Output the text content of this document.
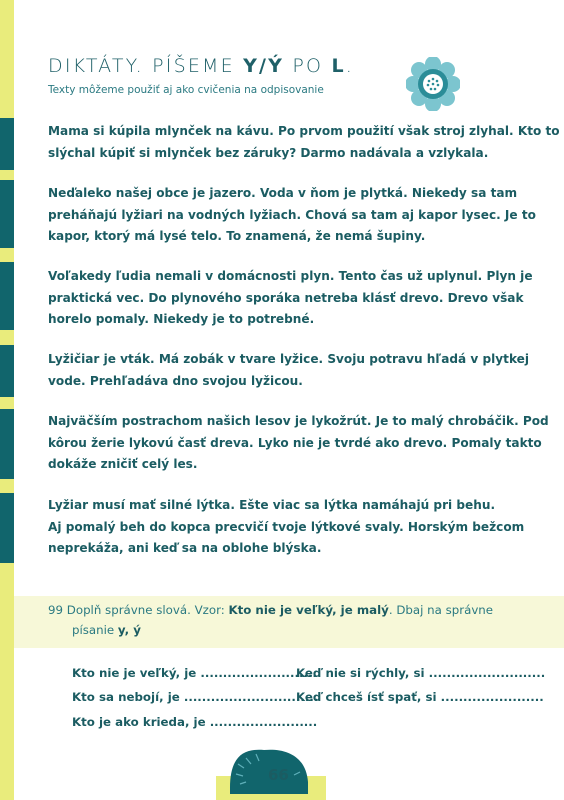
DIKTÁTY. PÍŠEME Y/Ý PO L.
Texty môžeme použiť aj ako cvičenia na odpisovanie
Mama si kúpila mlynček na kávu. Po prvom použití však stroj zlyhal. Kto to
slýchal kúpiť si mlynček bez záruky? Darmo nadávala a vzlykala.
Neďaleko našej obce je jazero. Voda v ňom je plytká. Niekedy sa tam
preháňajú lyžiari na vodných lyžiach. Chová sa tam aj kapor lysec. Je to
kapor, ktorý má lysé telo. To znamená, že nemá šupiny.
Voľakedy ľudia nemali v domácnosti plyn. Tento čas už uplynul. Plyn je
praktická vec. Do plynového sporáka netreba klásť drevo. Drevo však
horelo pomaly. Niekedy je to potrebné.
Lyžičiar je vták. Má zobák v tvare lyžice. Svoju potravu hľadá v plytkej
vode. Prehľadáva dno svojou lyžicou.
Najväčším postrachom našich lesov je lykožrút. Je to malý chrobáčik. Pod
kôrou žerie lykovú časť dreva. Lyko nie je tvrdé ako drevo. Pomaly takto
dokáže zničiť celý les.
Lyžiar musí mať silné lýtka. Ešte viac sa lýtka namáhajú pri behu.
Aj pomalý beh do kopca precvičí tvoje lýtkové svaly. Horským bežcom
neprekáža, ani keď sa na oblohe blýska.
99 Doplň správne slová. Vzor: Kto nie je veľký, je malý. Dbaj na správne
písanie y, ý
Kto nie je veľký, je ..........................
Keď nie si rýchly, si ..........................
Kto sa nebojí, je ..............................
Keď chceš ísť spať, si .......................
Kto je ako krieda, je ........................
66
